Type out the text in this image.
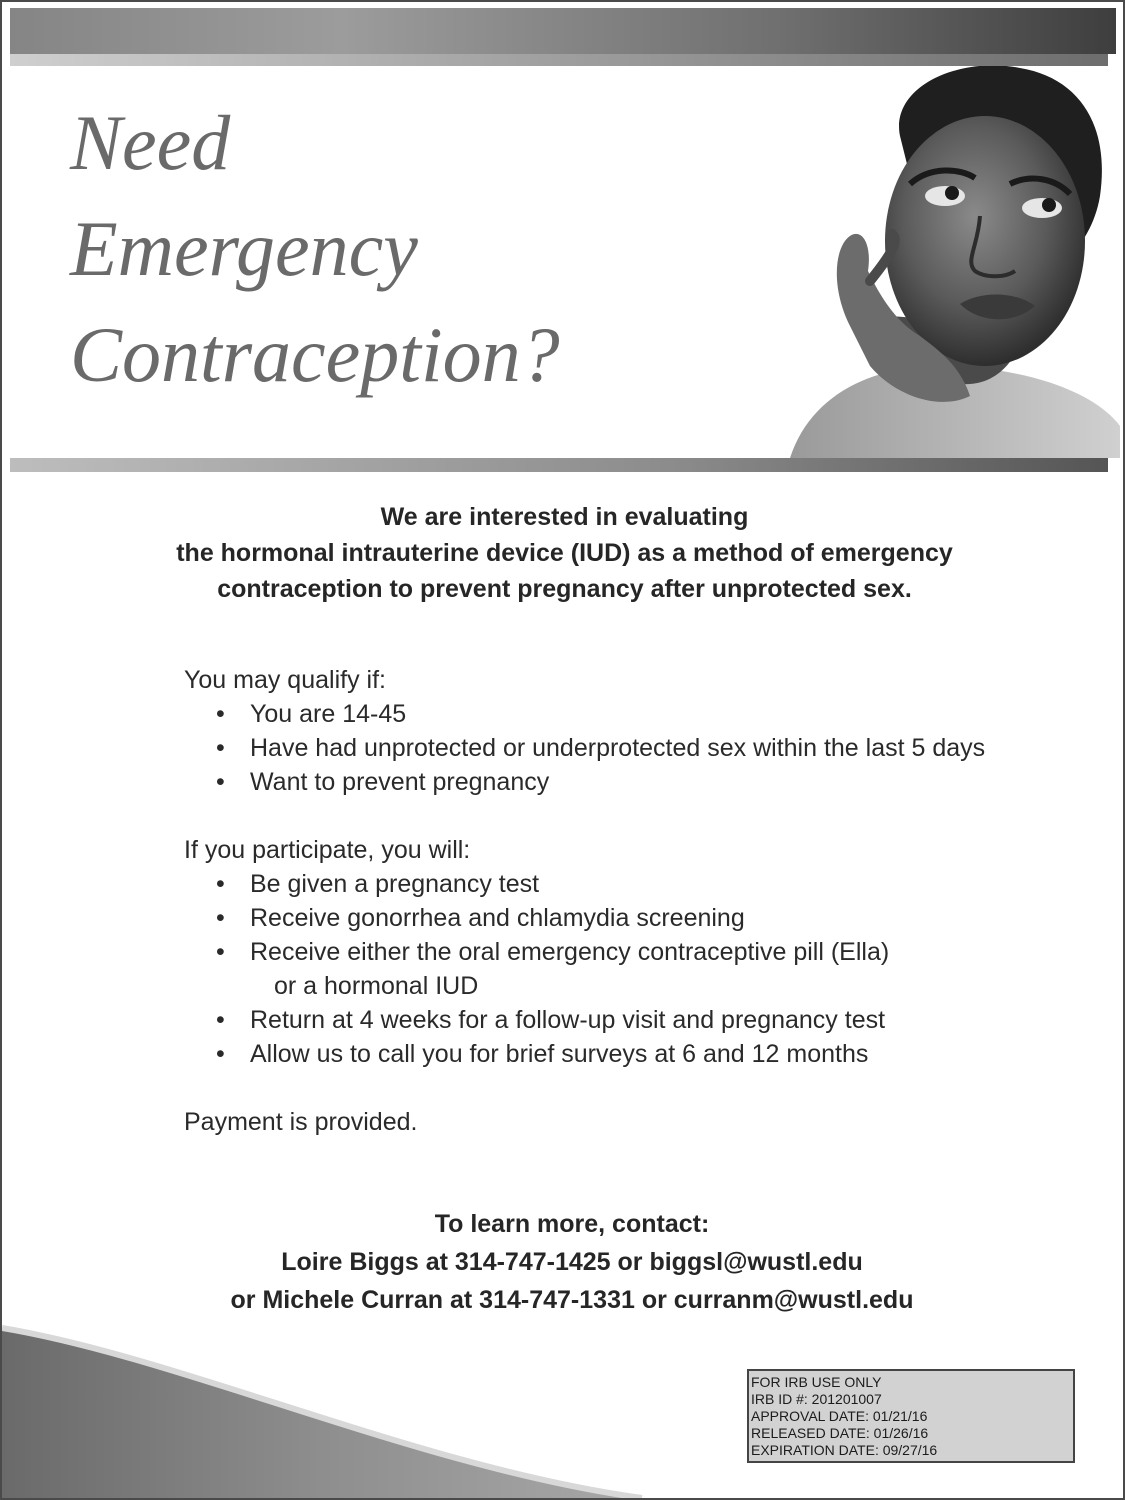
Need
Emergency
Contraception?
We are interested in evaluating
the hormonal intrauterine device (IUD) as a method of emergency
contraception to prevent pregnancy after unprotected sex.
You may qualify if:
• You are 14-45
• Have had unprotected or underprotected sex within the last 5 days
• Want to prevent pregnancy
If you participate, you will:
• Be given a pregnancy test
• Receive gonorrhea and chlamydia screening
• Receive either the oral emergency contraceptive pill (Ella)
or a hormonal IUD
• Return at 4 weeks for a follow-up visit and pregnancy test
• Allow us to call you for brief surveys at 6 and 12 months
Payment is provided.
To learn more, contact:
Loire Biggs at 314-747-1425 or biggsl@wustl.edu
or Michele Curran at 314-747-1331 or curranm@wustl.edu
FOR IRB USE ONLY
IRB ID #: 201201007
APPROVAL DATE: 01/21/16
RELEASED DATE: 01/26/16
EXPIRATION DATE: 09/27/16
